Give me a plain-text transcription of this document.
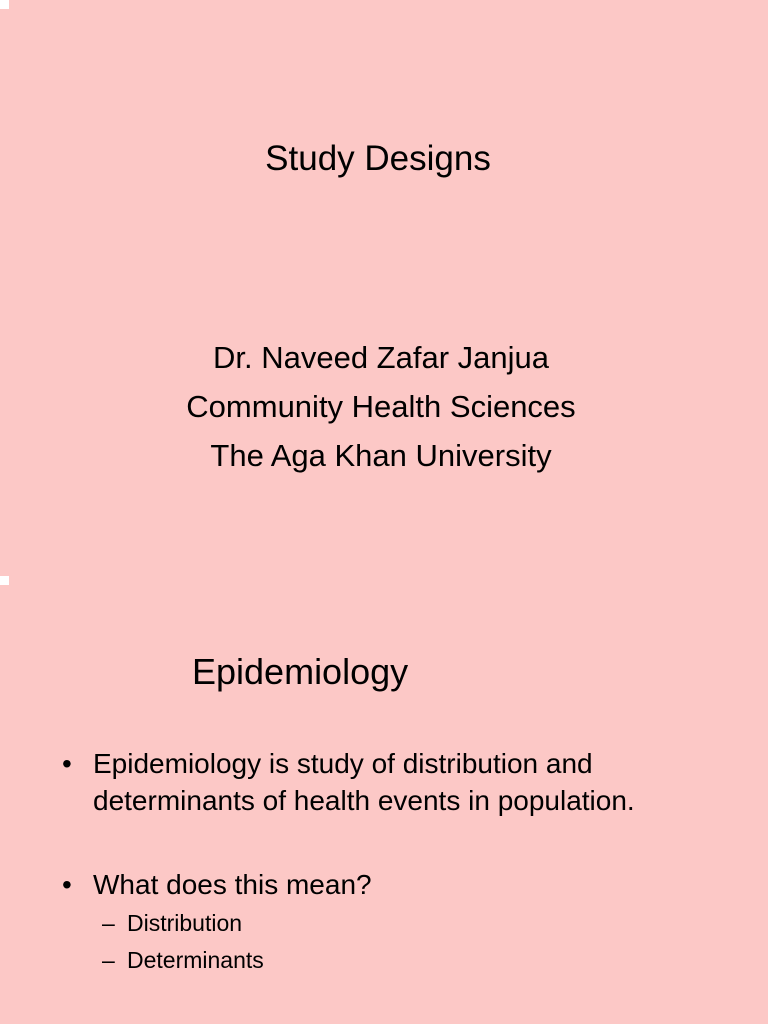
Study Designs
Dr. Naveed Zafar Janjua
Community Health Sciences
The Aga Khan University
Epidemiology
• Epidemiology is study of distribution and determinants of health events in population.
• What does this mean?
– Distribution
– Determinants
